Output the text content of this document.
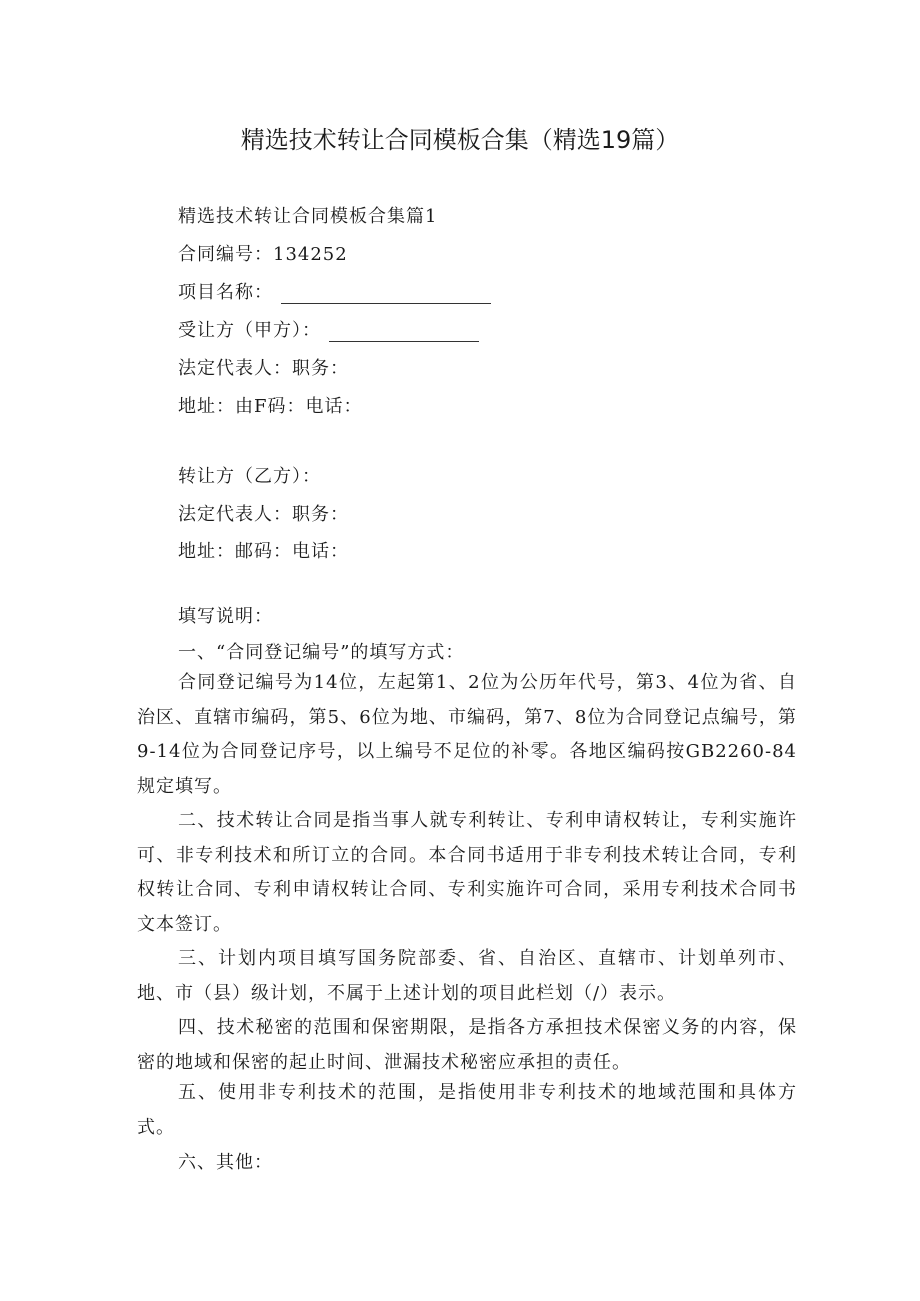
精选技术转让合同模板合集（精选19篇）
精选技术转让合同模板合集篇1
合同编号：134252
项目名称：
受让方（甲方）：
法定代表人：职务：
地址：由F码：电话：
转让方（乙方）：
法定代表人：职务：
地址：邮码：电话：
填写说明：
一、“合同登记编号”的填写方式：

合同登记编号为14位，左起第1、2位为公历年代号，第3、4位为省、自治区、直辖市编码，第5、6位为地、市编码，第7、8位为合同登记点编号，第9-14位为合同登记序号，以上编号不足位的补零。各地区编码按GB2260-84规定填写。

二、技术转让合同是指当事人就专利转让、专利申请权转让，专利实施许可、非专利技术和所订立的合同。本合同书适用于非专利技术转让合同，专利权转让合同、专利申请权转让合同、专利实施许可合同，采用专利技术合同书文本签订。

三、计划内项目填写国务院部委、省、自治区、直辖市、计划单列市、地、市（县）级计划，不属于上述计划的项目此栏划（/）表示。

四、技术秘密的范围和保密期限，是指各方承担技术保密义务的内容，保密的地域和保密的起止时间、泄漏技术秘密应承担的责任。

五、使用非专利技术的范围，是指使用非专利技术的地域范围和具体方式。

六、其他：
